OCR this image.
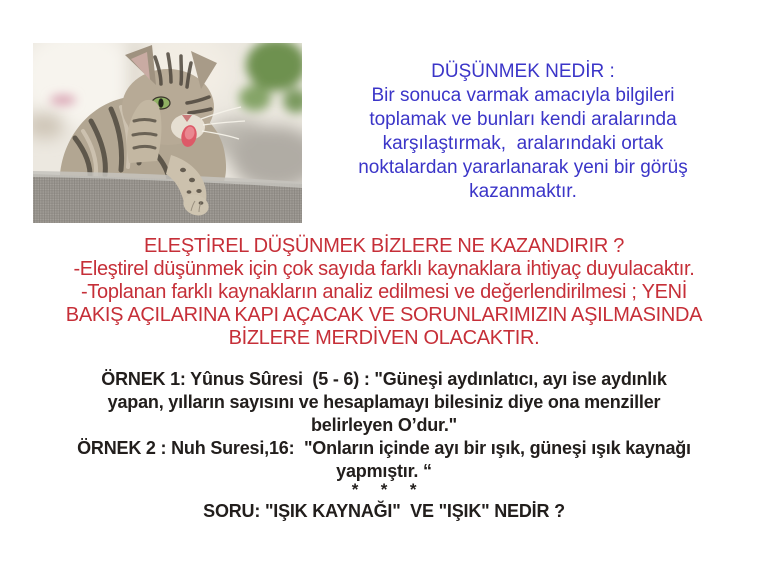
DÜŞÜNMEK NEDİR :
Bir sonuca varmak amacıyla bilgileri
toplamak ve bunları kendi aralarında
karşılaştırmak,  aralarındaki ortak
noktalardan yararlanarak yeni bir görüş
kazanmaktır.
ELEŞTİREL DÜŞÜNMEK BİZLERE NE KAZANDIRIR ?
-Eleştirel düşünmek için çok sayıda farklı kaynaklara ihtiyaç duyulacaktır.
-Toplanan farklı kaynakların analiz edilmesi ve değerlendirilmesi ; YENİ
BAKIŞ AÇILARINA KAPI AÇACAK VE SORUNLARIMIZIN AŞILMASINDA
BİZLERE MERDİVEN OLACAKTIR.
ÖRNEK 1: Yûnus Sûresi  (5 - 6) : "Güneşi aydınlatıcı, ayı ise aydınlık
yapan, yılların sayısını ve hesaplamayı bilesiniz diye ona menziller
belirleyen O’dur."
ÖRNEK 2 : Nuh Suresi,16:  "Onların içinde ayı bir ışık, güneşi ışık kaynağı
yapmıştır. “
*     *     *
SORU: "IŞIK KAYNAĞI"  VE "IŞIK" NEDİR ?
